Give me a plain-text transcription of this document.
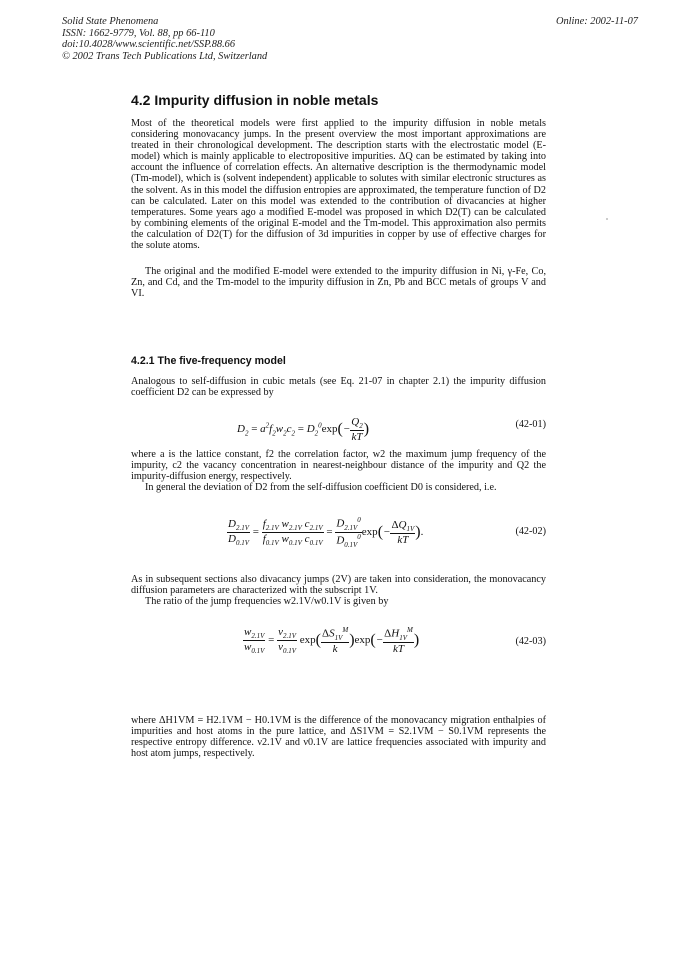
Solid State Phenomena
ISSN: 1662-9779, Vol. 88, pp 66-110
doi:10.4028/www.scientific.net/SSP.88.66
© 2002 Trans Tech Publications Ltd, Switzerland
Online: 2002-11-07
4.2 Impurity diffusion in noble metals

Most of the theoretical models were first applied to the impurity diffusion in noble metals considering monovacancy jumps. In the present overview the most important approximations are treated in their chronological development. The description starts with the electrostatic model (E-model) which is mainly applicable to electropositive impurities. ΔQ can be estimated by taking into account the influence of correlation effects. An alternative description is the thermodynamic model (Tm-model), which is (solvent independent) applicable to solutes with similar electronic structures as the solvent. As in this model the diffusion entropies are approximated, the temperature function of D2 can be calculated. Later on this model was extended to the contribution of divacancies at higher temperatures. Some years ago a modified E-model was proposed in which D2(T) can be calculated by combining elements of the original E-model and the Tm-model. This approximation also permits the calculation of D2(T) for the diffusion of 3d impurities in copper by use of effective charges for the solute atoms.

The original and the modified E-model were extended to the impurity diffusion in Ni, γ-Fe, Co, Zn, and Cd, and the Tm-model to the impurity diffusion in Zn, Pb and BCC metals of groups V and VI.

4.2.1 The five-frequency model

Analogous to self-diffusion in cubic metals (see Eq. 21-07 in chapter 2.1) the impurity diffusion coefficient D2 can be expressed by

$D_2 = a^2f_2w_2c_2 = D_2^0\exp(- \frac{Q_2}{kT}$ )	(42-01)

where a is the lattice constant, f2 the correlation factor, w2 the maximum jump frequency of the impurity, c2 the vacancy concentration in nearest-neighbour distance of the impurity and Q2 the impurity-diffusion energy, respectively.

In general the deviation of D2 from the self-diffusion coefficient D0 is considered, i.e.

$\frac{D_{2.1V}}{D_{0.1V}} = \frac{f_{2.1V} w_{2.1V} c_{2.1V}}{f_{0.1V} w_{0.1V} c_{0.1V}} = \frac{D_{2.1V}^0}{D_{0.1V}^0} \exp(- \frac{\Delta Q_{1V}}{kT}$ ).	(42-02)

As in subsequent sections also divacancy jumps (2V) are taken into consideration, the monovacancy diffusion parameters are characterized with the subscript 1V.

The ratio of the jump frequencies w2.1V/w0.1V is given by

$\frac{w_{2.1V}}{w_{0.1V}} = \frac{\nu_{2.1V}}{\nu_{0.1V}} \exp( \frac{\Delta S_{1V}^M}{k} )\exp(- \frac{\Delta H_{1V}^M}{kT}$ )	(42-03)

where ΔH1VM = H2.1VM − H0.1VM is the difference of the monovacancy migration enthalpies of impurities and host atoms in the pure lattice, and ΔS1VM = S2.1VM − S0.1VM represents the respective entropy difference. ν2.1V and ν0.1V are lattice frequencies associated with impurity and host atom jumps, respectively.
